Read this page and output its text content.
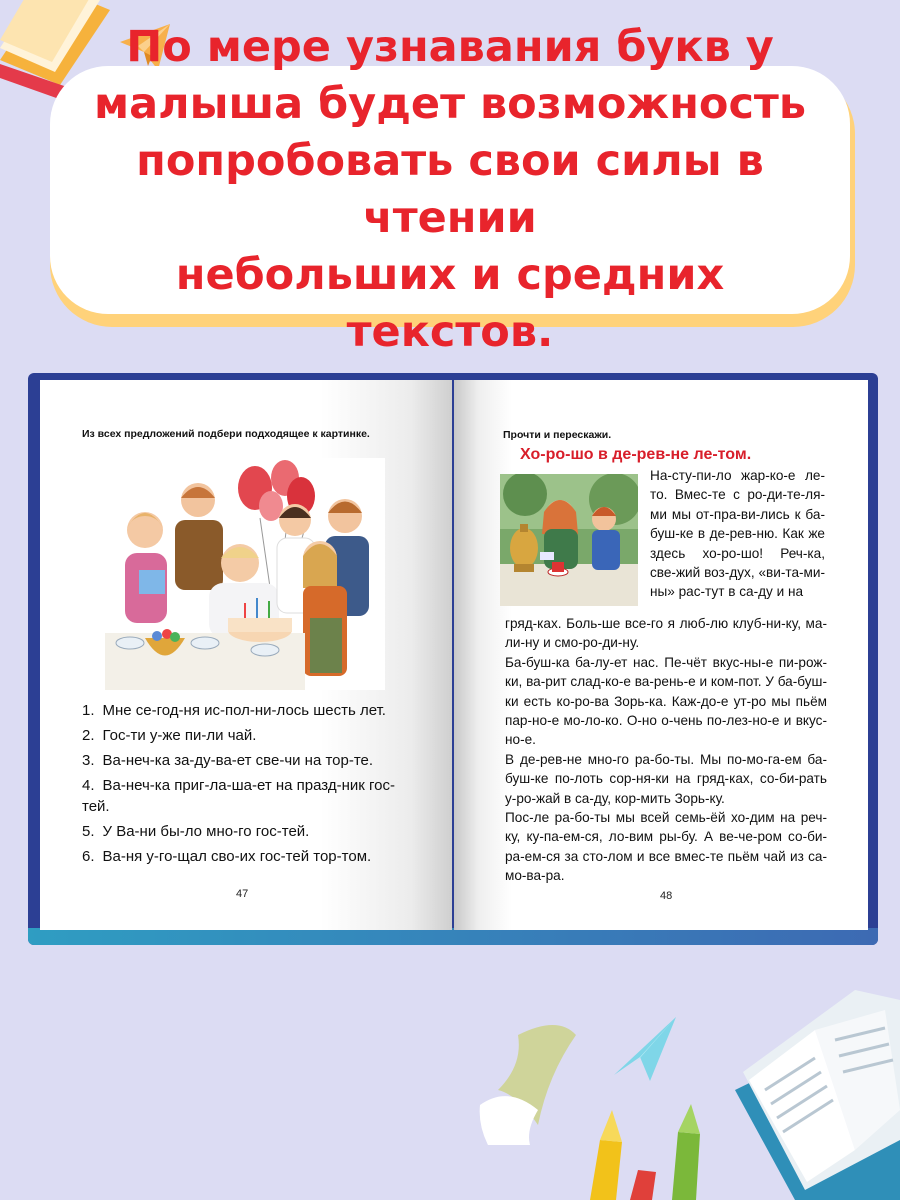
По мере узнавания букв у
малыша будет возможность
попробовать свои силы в чтении
небольших и средних текстов.
Из всех предложений подбери подходящее к картинке.
1. Мне се-год-ня ис-пол-ни-лось шесть лет.
2. Гос-ти у-же пи-ли чай.
3. Ва-неч-ка за-ду-ва-ет све-чи на тор-те.
4. Ва-неч-ка приг-ла-ша-ет на празд-ник гос-тей.
5. У Ва-ни бы-ло мно-го гос-тей.
6. Ва-ня у-го-щал сво-их гос-тей тор-том.
47
Прочти и перескажи.
Хо-ро-шо в де-рев-не ле-том.
На-сту-пи-ло жар-ко-е ле-то. Вмес-те с ро-ди-те-ля-ми мы от-пра-ви-лись к ба-буш-ке в де-рев-ню. Как же здесь хо-ро-шо! Реч-ка, све-жий воз-дух, «ви-та-ми-ны» рас-тут в са-ду и на
гряд-ках. Боль-ше все-го я люб-лю клуб-ни-ку, ма-ли-ну и смо-ро-ди-ну.
Ба-буш-ка ба-лу-ет нас. Пе-чёт вкус-ны-е пи-рож-ки, ва-рит слад-ко-е ва-рень-е и ком-пот. У ба-буш-ки есть ко-ро-ва Зорь-ка. Каж-до-е ут-ро мы пьём пар-но-е мо-ло-ко. О-но о-чень по-лез-но-е и вкус-но-е.
В де-рев-не мно-го ра-бо-ты. Мы по-мо-га-ем ба-буш-ке по-лоть сор-ня-ки на гряд-ках, со-би-рать у-ро-жай в са-ду, кор-мить Зорь-ку.
Пос-ле ра-бо-ты мы всей семь-ёй хо-дим на реч-ку, ку-па-ем-ся, ло-вим ры-бу. А ве-че-ром со-би-ра-ем-ся за сто-лом и все вмес-те пьём чай из са-мо-ва-ра.
48
